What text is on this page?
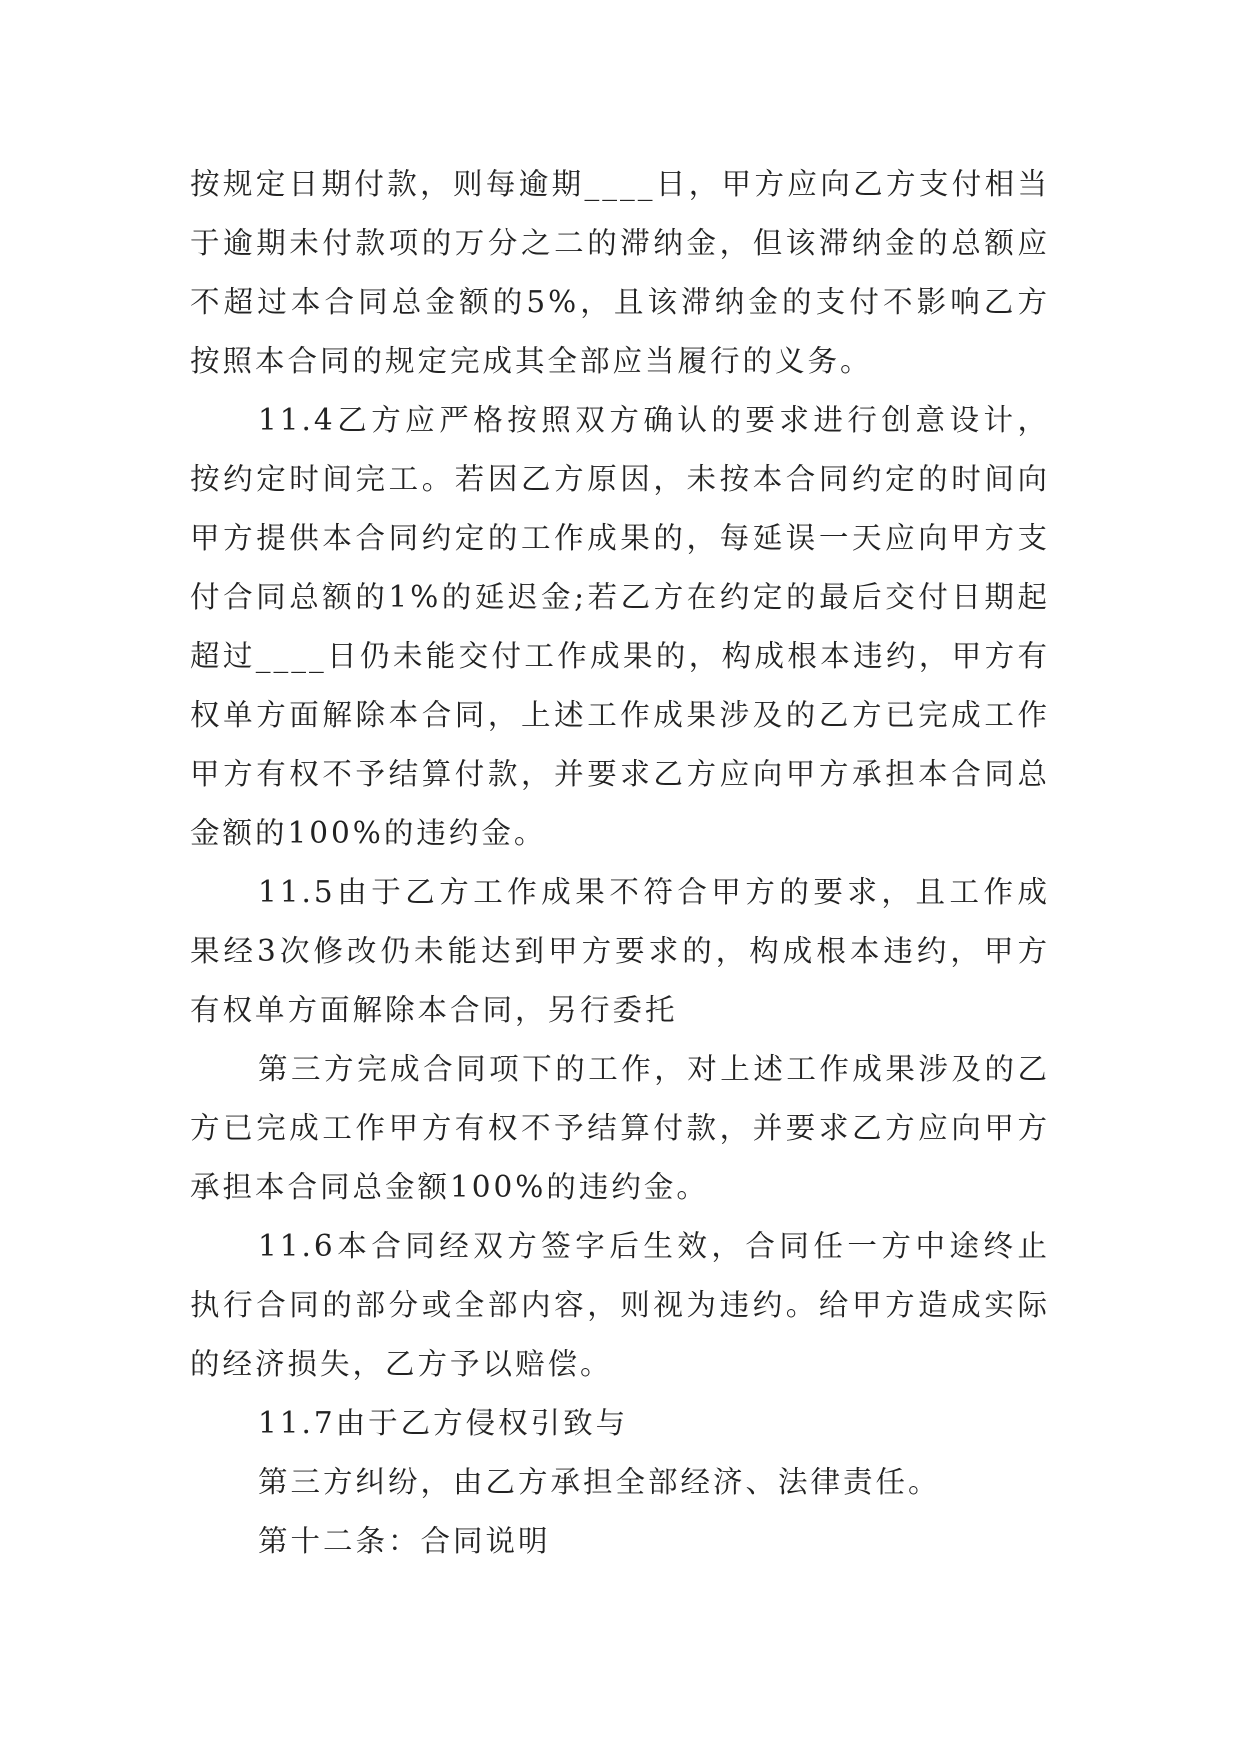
按规定日期付款，则每逾期____日，甲方应向乙方支付相当于逾期未付款项的万分之二的滞纳金，但该滞纳金的总额应不超过本合同总金额的5%，且该滞纳金的支付不影响乙方按照本合同的规定完成其全部应当履行的义务。

11.4乙方应严格按照双方确认的要求进行创意设计，按约定时间完工。若因乙方原因，未按本合同约定的时间向甲方提供本合同约定的工作成果的，每延误一天应向甲方支付合同总额的1%的延迟金;若乙方在约定的最后交付日期起超过____日仍未能交付工作成果的，构成根本违约，甲方有权单方面解除本合同，上述工作成果涉及的乙方已完成工作甲方有权不予结算付款，并要求乙方应向甲方承担本合同总金额的100%的违约金。

11.5由于乙方工作成果不符合甲方的要求，且工作成果经3次修改仍未能达到甲方要求的，构成根本违约，甲方有权单方面解除本合同，另行委托

第三方完成合同项下的工作，对上述工作成果涉及的乙方已完成工作甲方有权不予结算付款，并要求乙方应向甲方承担本合同总金额100%的违约金。

11.6本合同经双方签字后生效，合同任一方中途终止执行合同的部分或全部内容，则视为违约。给甲方造成实际的经济损失，乙方予以赔偿。

11.7由于乙方侵权引致与

第三方纠纷，由乙方承担全部经济、法律责任。

第十二条：合同说明
